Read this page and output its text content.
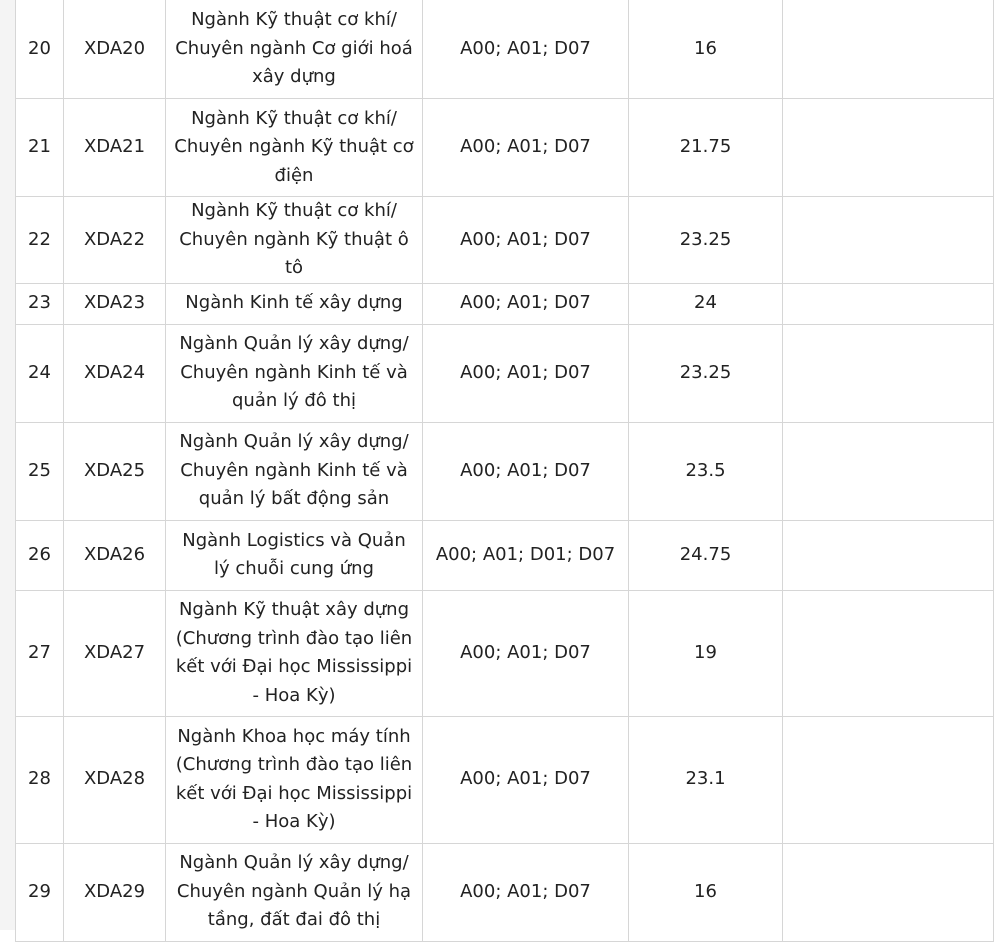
20	XDA20	Ngành Kỹ thuật cơ khí/ Chuyên ngành Cơ giới hoá xây dựng	A00; A01; D07	16	
21	XDA21	Ngành Kỹ thuật cơ khí/ Chuyên ngành Kỹ thuật cơ điện	A00; A01; D07	21.75	
22	XDA22	Ngành Kỹ thuật cơ khí/ Chuyên ngành Kỹ thuật ô tô	A00; A01; D07	23.25	
23	XDA23	Ngành Kinh tế xây dựng	A00; A01; D07	24	
24	XDA24	Ngành Quản lý xây dựng/ Chuyên ngành Kinh tế và quản lý đô thị	A00; A01; D07	23.25	
25	XDA25	Ngành Quản lý xây dựng/ Chuyên ngành Kinh tế và quản lý bất động sản	A00; A01; D07	23.5	
26	XDA26	Ngành Logistics và Quản lý chuỗi cung ứng	A00; A01; D01; D07	24.75	
27	XDA27	Ngành Kỹ thuật xây dựng (Chương trình đào tạo liên kết với Đại học Mississippi - Hoa Kỳ)	A00; A01; D07	19	
28	XDA28	Ngành Khoa học máy tính (Chương trình đào tạo liên kết với Đại học Mississippi - Hoa Kỳ)	A00; A01; D07	23.1	
29	XDA29	Ngành Quản lý xây dựng/ Chuyên ngành Quản lý hạ tầng, đất đai đô thị	A00; A01; D07	16	
